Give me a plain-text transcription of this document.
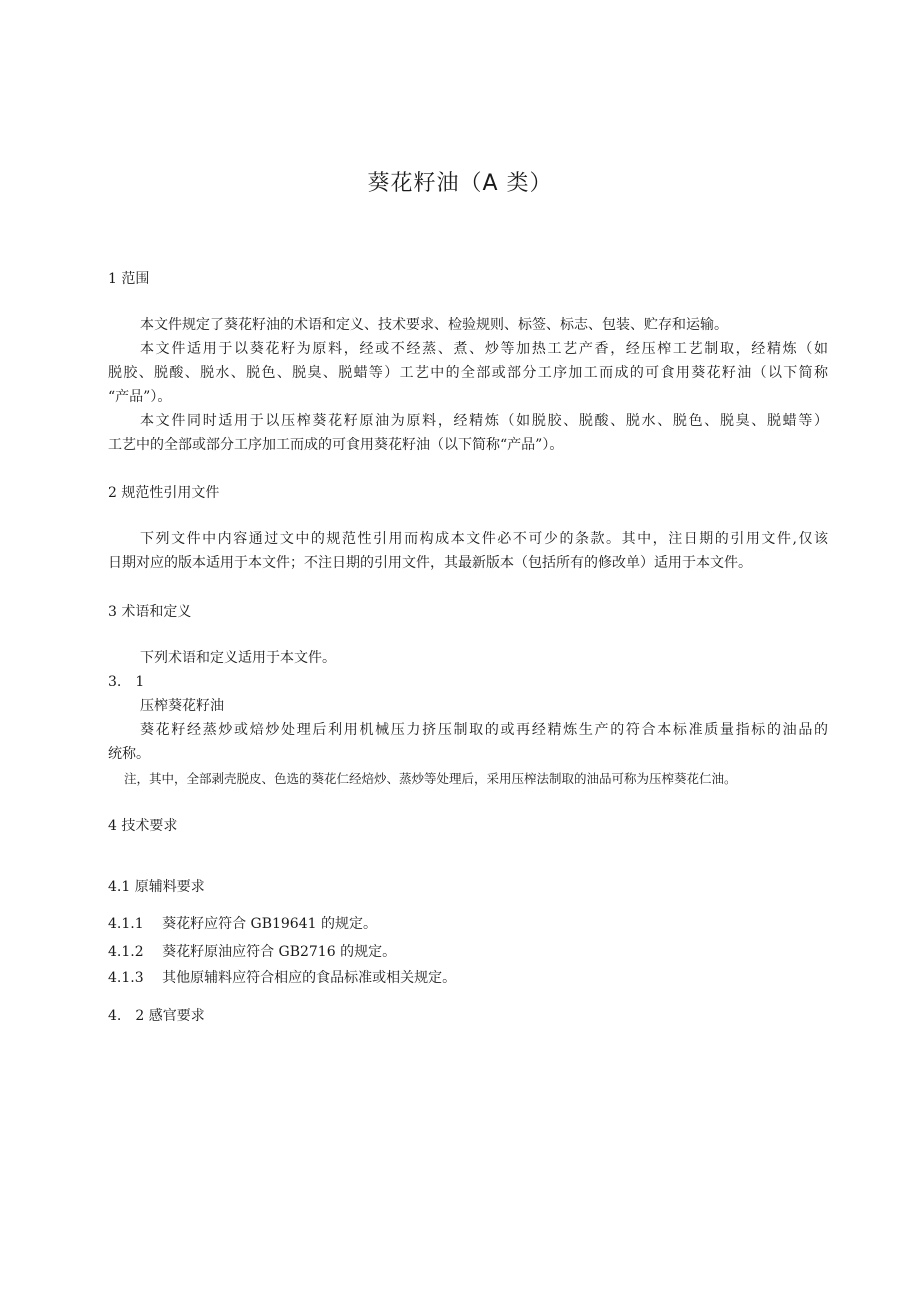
葵花籽油（A 类）
1 范围
本文件规定了葵花籽油的术语和定义、技术要求、检验规则、标签、标志、包装、贮存和运输。
本文件适用于以葵花籽为原料，经或不经蒸、煮、炒等加热工艺产香，经压榨工艺制取，经精炼（如
脱胶、脱酸、脱水、脱色、脱臭、脱蜡等）工艺中的全部或部分工序加工而成的可食用葵花籽油（以下简称
“产品”）。
本文件同时适用于以压榨葵花籽原油为原料，经精炼（如脱胶、脱酸、脱水、脱色、脱臭、脱蜡等）
工艺中的全部或部分工序加工而成的可食用葵花籽油（以下简称“产品”）。
2 规范性引用文件
下列文件中内容通过文中的规范性引用而构成本文件必不可少的条款。其中，注日期的引用文件,仅该
日期对应的版本适用于本文件；不注日期的引用文件，其最新版本（包括所有的修改单）适用于本文件。
3 术语和定义
下列术语和定义适用于本文件。
3.　1
压榨葵花籽油
葵花籽经蒸炒或焙炒处理后利用机械压力挤压制取的或再经精炼生产的符合本标准质量指标的油品的
统称。
注，其中，全部剥壳脱皮、色选的葵花仁经焙炒、蒸炒等处理后，采用压榨法制取的油品可称为压榨葵花仁油。
4 技术要求
4.1 原辅料要求
4.1.1　 葵花籽应符合 GB19641 的规定。
4.1.2　 葵花籽原油应符合 GB2716 的规定。
4.1.3　 其他原辅料应符合相应的食品标准或相关规定。
4.　2 感官要求
